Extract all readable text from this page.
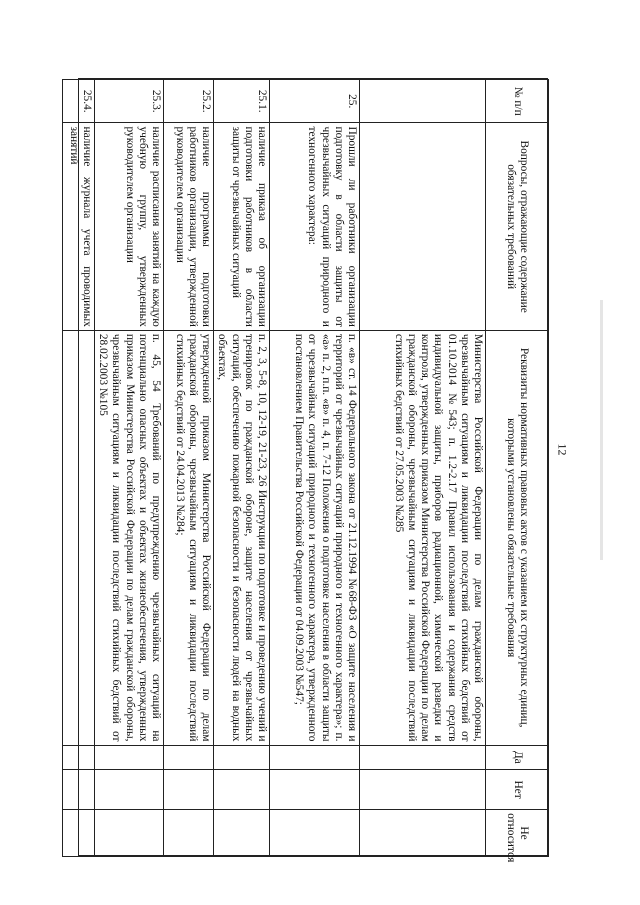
12
№ п/п	Вопросы, отражающие содержание обязательных требований	Реквизиты нормативных правовых актов с указанием их структурных единиц, которыми установлены обязательные требования	Да	Нет	Не относится
		Министерства Российской Федерации по делам гражданской обороны, чрезвычайным ситуациям и ликвидации последствий стихийных бедствий от 01.10.2014 №543; п. 1.2-2.17 Правил использования и содержания средств индивидуальной защиты, приборов радиационной, химической разведки и контроля, утвержденных приказом Министерства Российской Федерации по делам гражданской обороны, чрезвычайным ситуациям и ликвидации последствий стихийных бедствий от 27.05.2003 №285			
25.	Прошли ли работники организации подготовку в области защиты от чрезвычайных ситуаций природного и техногенного характера:	п. «в» ст. 14 Федерального закона от 21.12.1994 №68-ФЗ «О защите населения и территорий от чрезвычайных ситуаций природного и техногенного характера»; п. «а» п. 2, п.п. «в» п. 4, п. 7-12 Положения о подготовке населения в области защиты от чрезвычайных ситуаций природного и техногенного характера, утвержденного постановлением Правительства Российской Федерации от 04.09.2003 №547;			
25.1.	наличие приказа об организации подготовки работников в области защиты от чрезвычайных ситуаций	п. 2, 3, 5-8, 10, 12-19, 21-23, 26 Инструкции по подготовке и проведению учений и тренировок по гражданской обороне, защите населения от чрезвычайных ситуаций, обеспечению пожарной безопасности и безопасности людей на водных объектах,			
25.2.	наличие программы подготовки работников организации, утвержденной руководителем организации	утвержденной приказом Министерства Российской Федерации по делам гражданской обороны, чрезвычайным ситуациям и ликвидации последствий стихийных бедствий от 24.04.2013 №284;			
25.3.	наличие расписания занятий на каждую учебную группу, утвержденных руководителем организации	п. 45, 54 Требований по предупреждению чрезвычайных ситуаций на потенциально опасных объектах и объектах жизнеобеспечения, утвержденных приказом Министерства Российской Федерации по делам гражданской обороны, чрезвычайным ситуациям и ликвидации последствий стихийных бедствий от 28.02.2003 №105			
25.4.	наличие журнала учета проводимых занятий				
